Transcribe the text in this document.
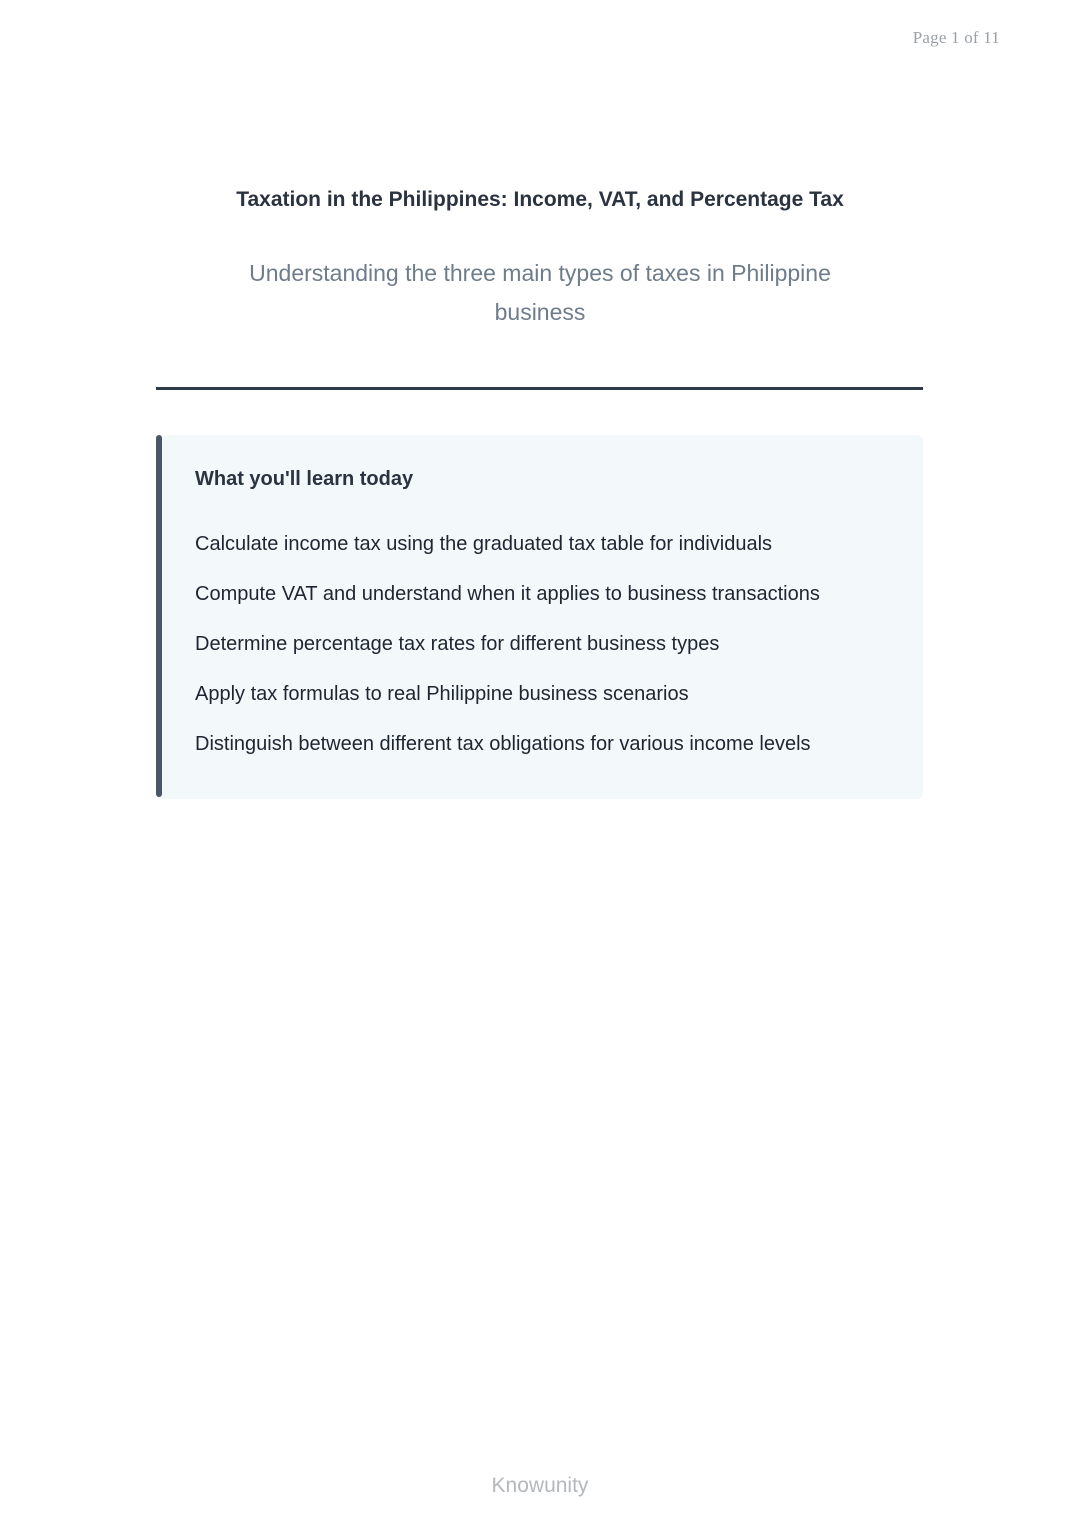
Page 1 of 11
Taxation in the Philippines: Income, VAT, and Percentage Tax
Understanding the three main types of taxes in Philippine business
What you'll learn today
Calculate income tax using the graduated tax table for individuals
Compute VAT and understand when it applies to business transactions
Determine percentage tax rates for different business types
Apply tax formulas to real Philippine business scenarios
Distinguish between different tax obligations for various income levels
Knowunity
